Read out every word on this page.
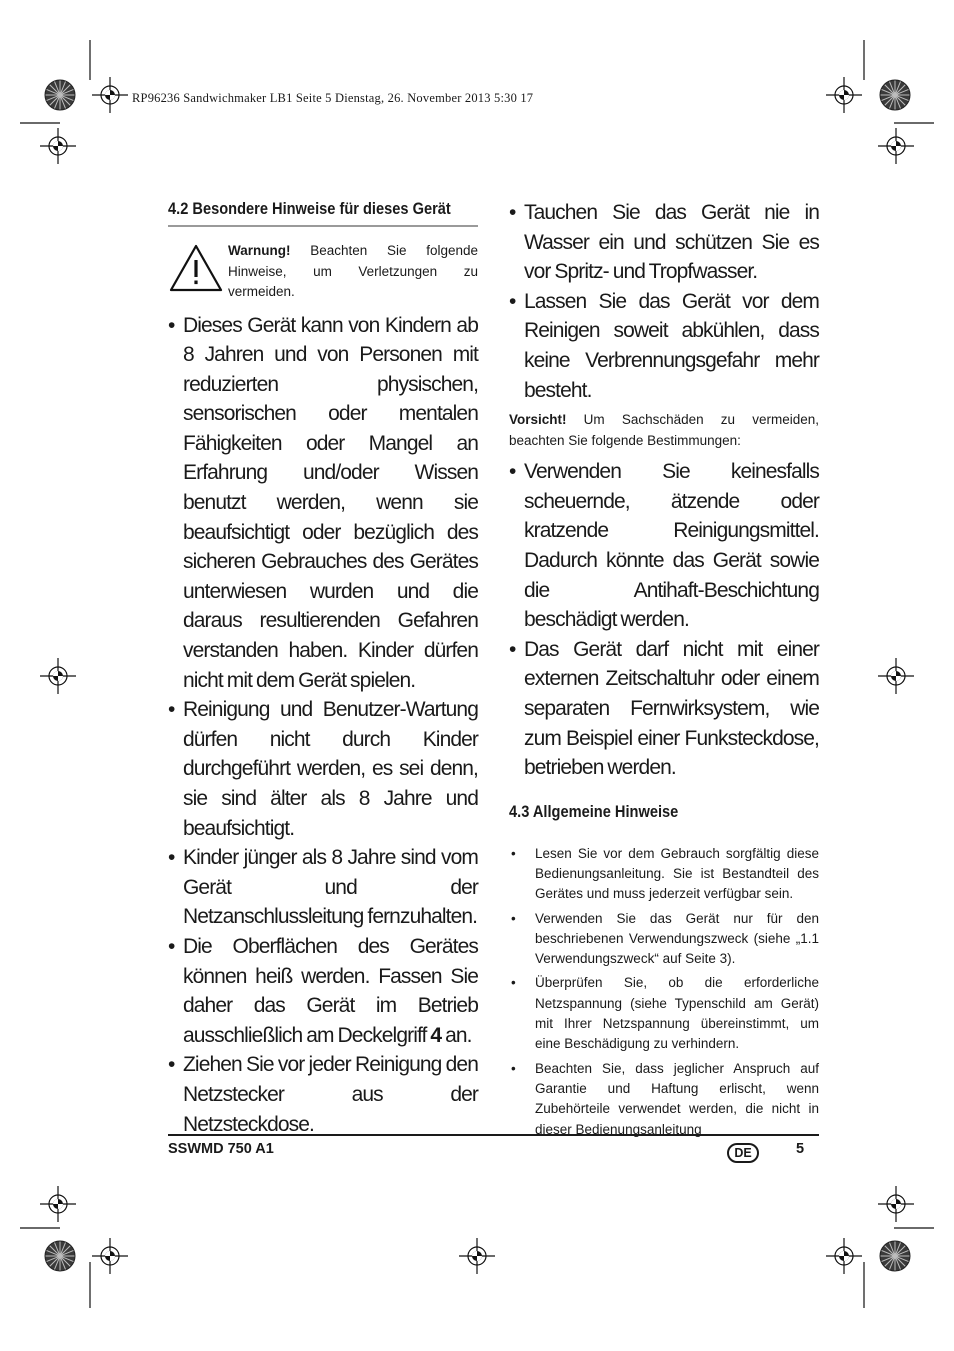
RP96236 Sandwichmaker LB1 Seite 5 Dienstag, 26. November 2013 5:30 17
4.2 Besondere Hinweise für dieses Gerät

Warnung! Beachten Sie folgende Hinweise, um Verletzungen zu vermeiden.

• Dieses Gerät kann von Kindern ab 8 Jahren und von Personen mit reduzierten physischen, sensorischen oder mentalen Fähigkeiten oder Mangel an Erfahrung und/oder Wissen benutzt werden, wenn sie beaufsichtigt oder bezüglich des sicheren Gebrauches des Gerätes unterwiesen wurden und die daraus resultierenden Gefahren verstanden haben. Kinder dürfen nicht mit dem Gerät spielen.
• Reinigung und Benutzer-Wartung dürfen nicht durch Kinder durchgeführt werden, es sei denn, sie sind älter als 8 Jahre und beaufsichtigt.
• Kinder jünger als 8 Jahre sind vom Gerät und der Netzanschlussleitung fernzuhalten.
• Die Oberflächen des Gerätes können heiß werden. Fassen Sie daher das Gerät im Betrieb ausschließlich am Deckelgriff 4 an.
• Ziehen Sie vor jeder Reinigung den Netzstecker aus der Netzsteckdose.
• Tauchen Sie das Gerät nie in Wasser ein und schützen Sie es vor Spritz- und Tropfwasser.
• Lassen Sie das Gerät vor dem Reinigen soweit abkühlen, dass keine Verbrennungsgefahr mehr besteht.

Vorsicht! Um Sachschäden zu vermeiden, beachten Sie folgende Bestimmungen:

• Verwenden Sie keinesfalls scheuernde, ätzende oder kratzende Reinigungsmittel. Dadurch könnte das Gerät sowie die Antihaft-Beschichtung beschädigt werden.
• Das Gerät darf nicht mit einer externen Zeitschaltuhr oder einem separaten Fernwirksystem, wie zum Beispiel einer Funksteckdose, betrieben werden.
4.3 Allgemeine Hinweise
• Lesen Sie vor dem Gebrauch sorgfältig diese Bedienungsanleitung. Sie ist Bestandteil des Gerätes und muss jederzeit verfügbar sein.
• Verwenden Sie das Gerät nur für den beschriebenen Verwendungszweck (siehe „1.1 Verwendungszweck“ auf Seite 3).
• Überprüfen Sie, ob die erforderliche Netzspannung (siehe Typenschild am Gerät) mit Ihrer Netzspannung übereinstimmt, um eine Beschädigung zu verhindern.
• Beachten Sie, dass jeglicher Anspruch auf Garantie und Haftung erlischt, wenn Zubehörteile verwendet werden, die nicht in dieser Bedienungsanleitung
SSWMD 750 A1	DE	5
